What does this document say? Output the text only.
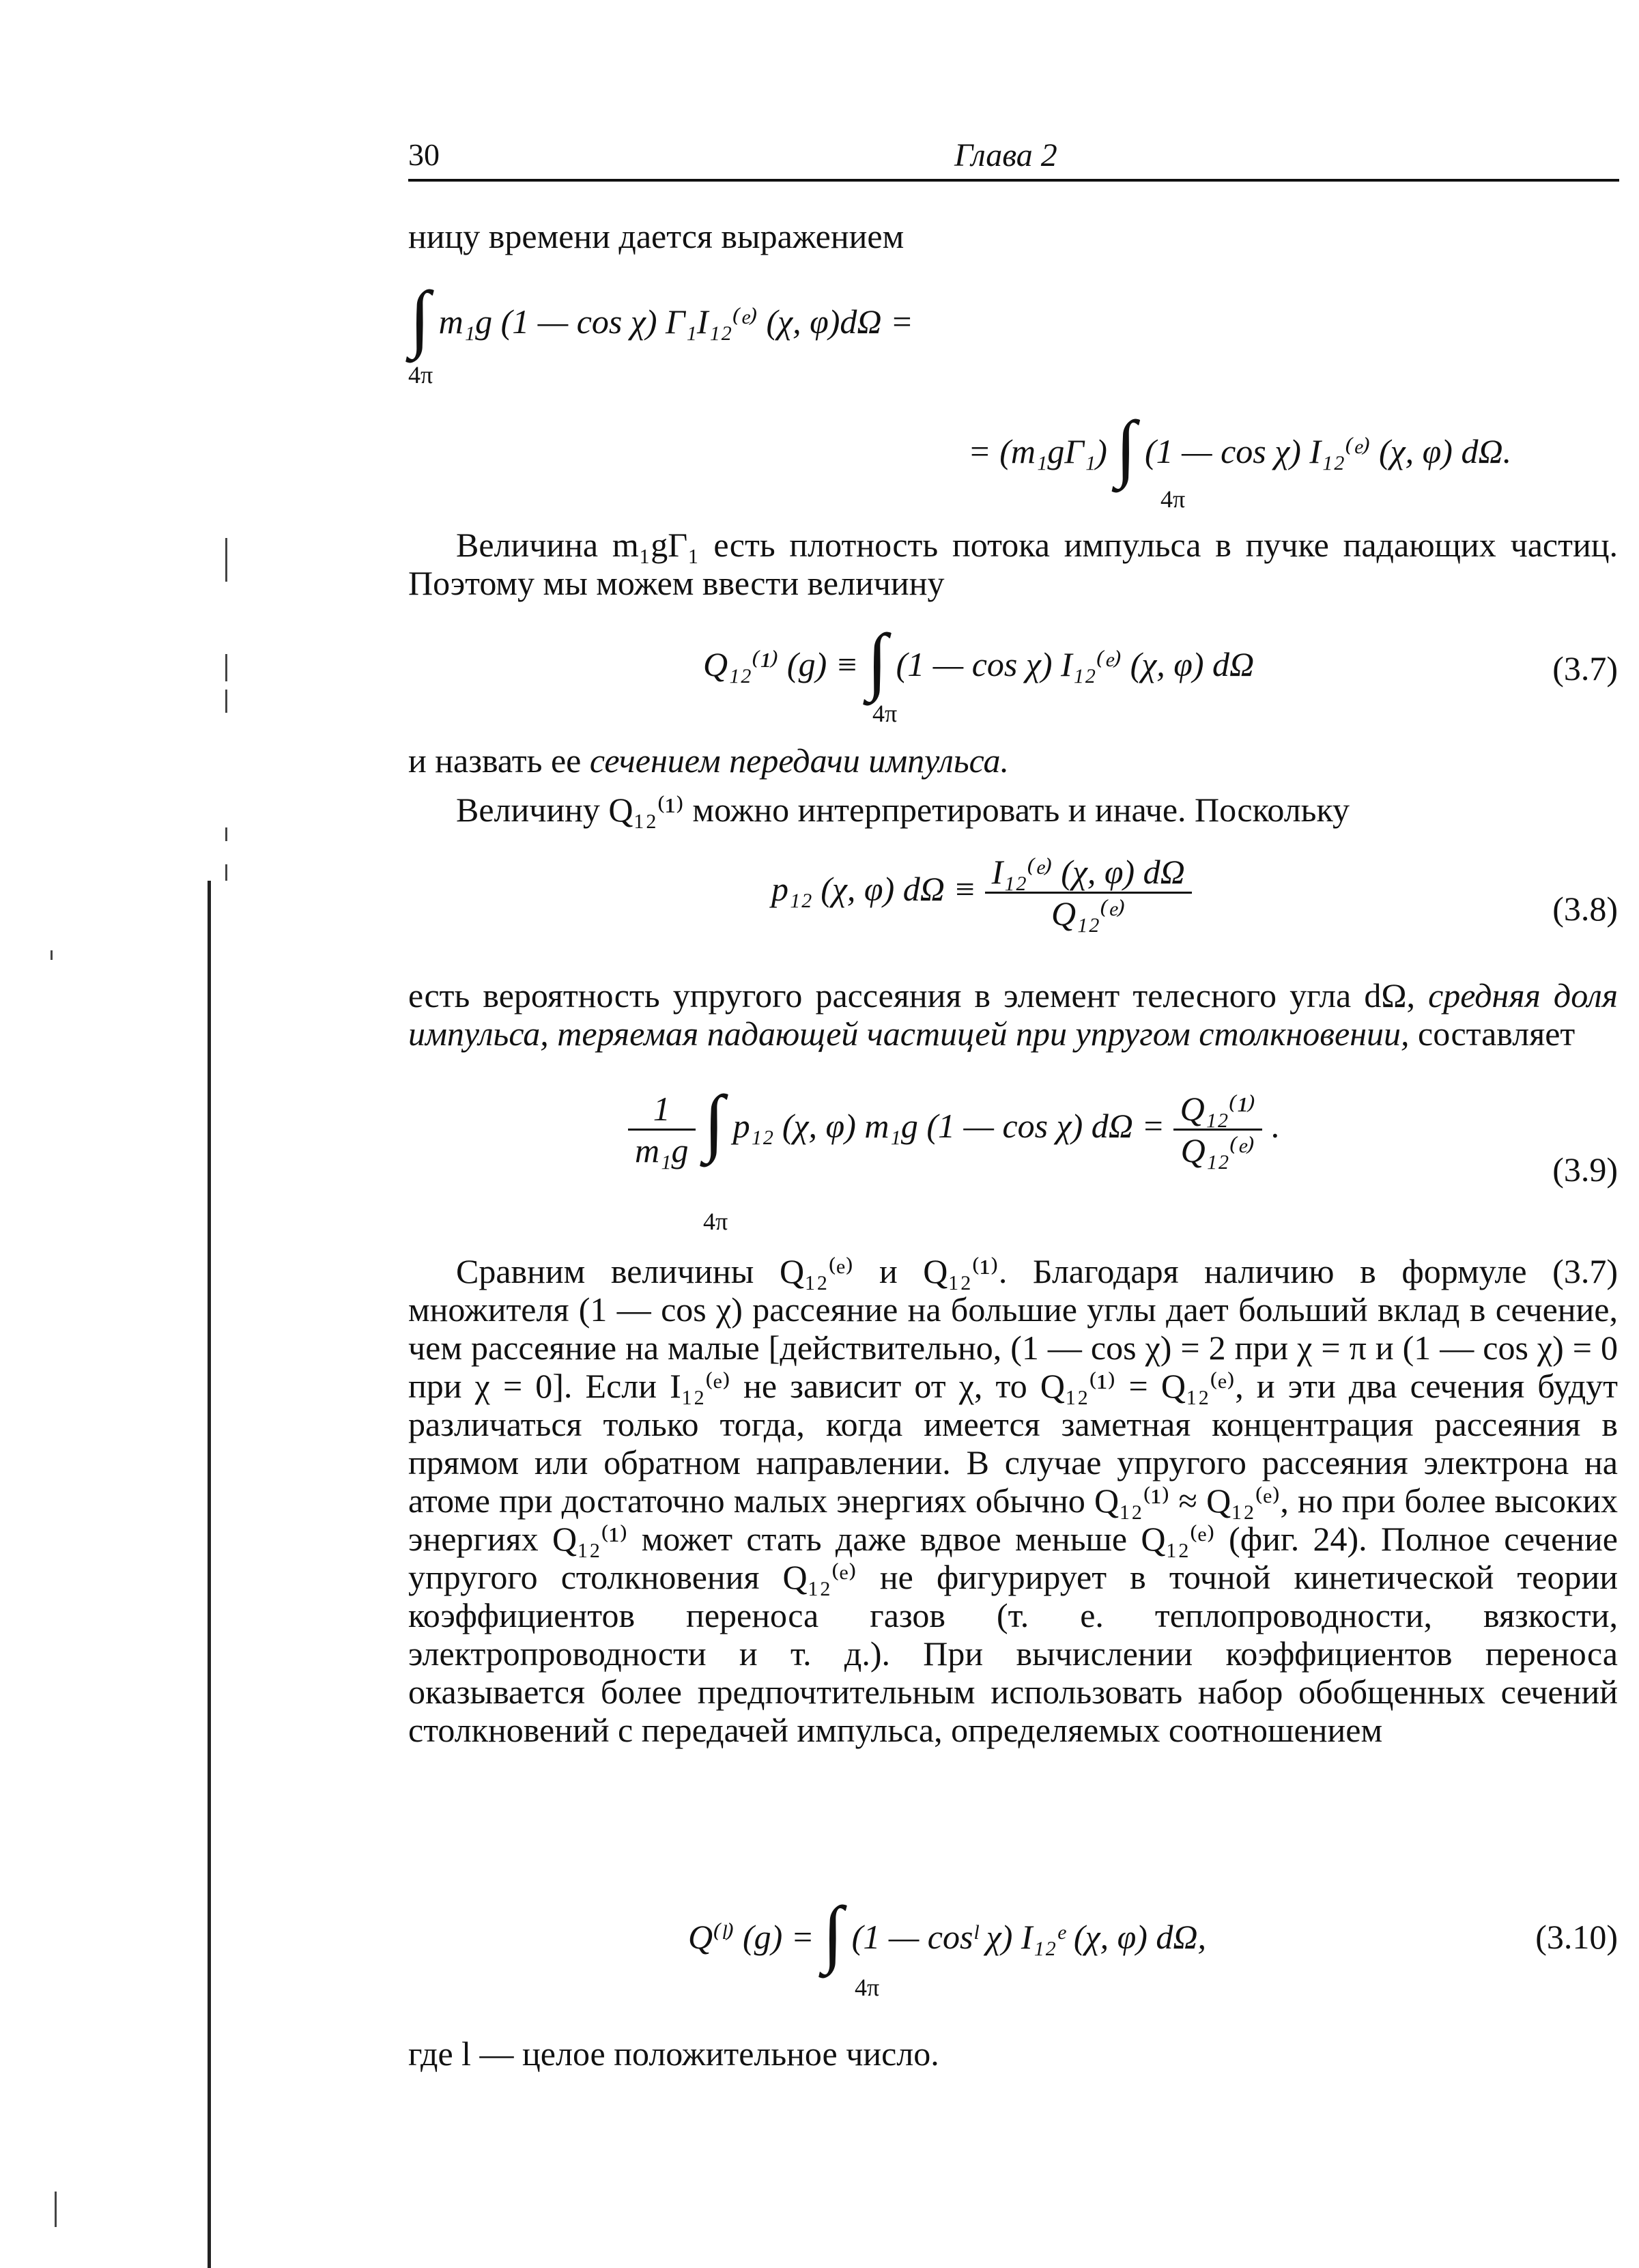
30	Глава 2

ницу времени дается выражением

∫ m₁g (1 — cos χ) Γ₁I₁₂⁽ᵉ⁾ (χ, φ)dΩ =
4π
= (m₁gΓ₁) ∫ (1 — cos χ) I₁₂⁽ᵉ⁾ (χ, φ) dΩ.
4π

Величина m₁gΓ₁ есть плотность потока импульса в пучке падающих частиц. Поэтому мы можем ввести величину

Q₁₂⁽¹⁾ (g) ≡ ∫ (1 — cos χ) I₁₂⁽ᵉ⁾ (χ, φ) dΩ
4π
(3.7)

и назвать ее сечением передачи импульса.

Величину Q₁₂⁽¹⁾ можно интерпретировать и иначе. Поскольку

p₁₂ (χ, φ) $d\Omega \equiv \frac{\text{I₁₂⁽ᵉ⁾ (χ, φ) dΩ}}{\text{Q₁₂⁽ᵉ⁾}}$	(3.8)

есть вероятность упругого рассеяния в элемент телесного угла dΩ, средняя доля импульса, теряемая падающей частицей при упругом столкновении, составляет

$\frac{1}{\text{m₁g}}$ ∫ p₁₂ (χ, φ) m₁g (1 — cos χ) $d\Omega = \frac{\text{Q₁₂⁽¹⁾}}{\text{Q₁₂⁽ᵉ⁾}}$ .
4π
(3.9)

Сравним величины Q₁₂⁽ᵉ⁾ и Q₁₂⁽¹⁾. Благодаря наличию в формуле (3.7) множителя (1 — cos χ) рассеяние на большие углы дает больший вклад в сечение, чем рассеяние на малые [действительно, (1 — cos χ) = 2 при χ = π и (1 — cos χ) = 0 при χ = 0]. Если I₁₂⁽ᵉ⁾ не зависит от χ, то Q₁₂⁽¹⁾ = Q₁₂⁽ᵉ⁾, и эти два сечения будут различаться только тогда, когда имеется заметная концентрация рассеяния в прямом или обратном направлении. В случае упругого рассеяния электрона на атоме при достаточно малых энергиях обычно Q₁₂⁽¹⁾ ≈ Q₁₂⁽ᵉ⁾, но при более высоких энергиях Q₁₂⁽¹⁾ может стать даже вдвое меньше Q₁₂⁽ᵉ⁾ (фиг. 24). Полное сечение упругого столкновения Q₁₂⁽ᵉ⁾ не фигурирует в точной кинетической теории коэффициентов переноса газов (т. е. теплопроводности, вязкости, электропроводности и т. д.). При вычислении коэффициентов переноса оказывается более предпочтительным использовать набор обобщенных сечений столкновений с передачей импульса, определяемых соотношением

Q⁽ˡ⁾ (g) = ∫ (1 — cosˡ χ) I₁₂ᵉ (χ, φ) dΩ,
4π
(3.10)

где l — целое положительное число.
